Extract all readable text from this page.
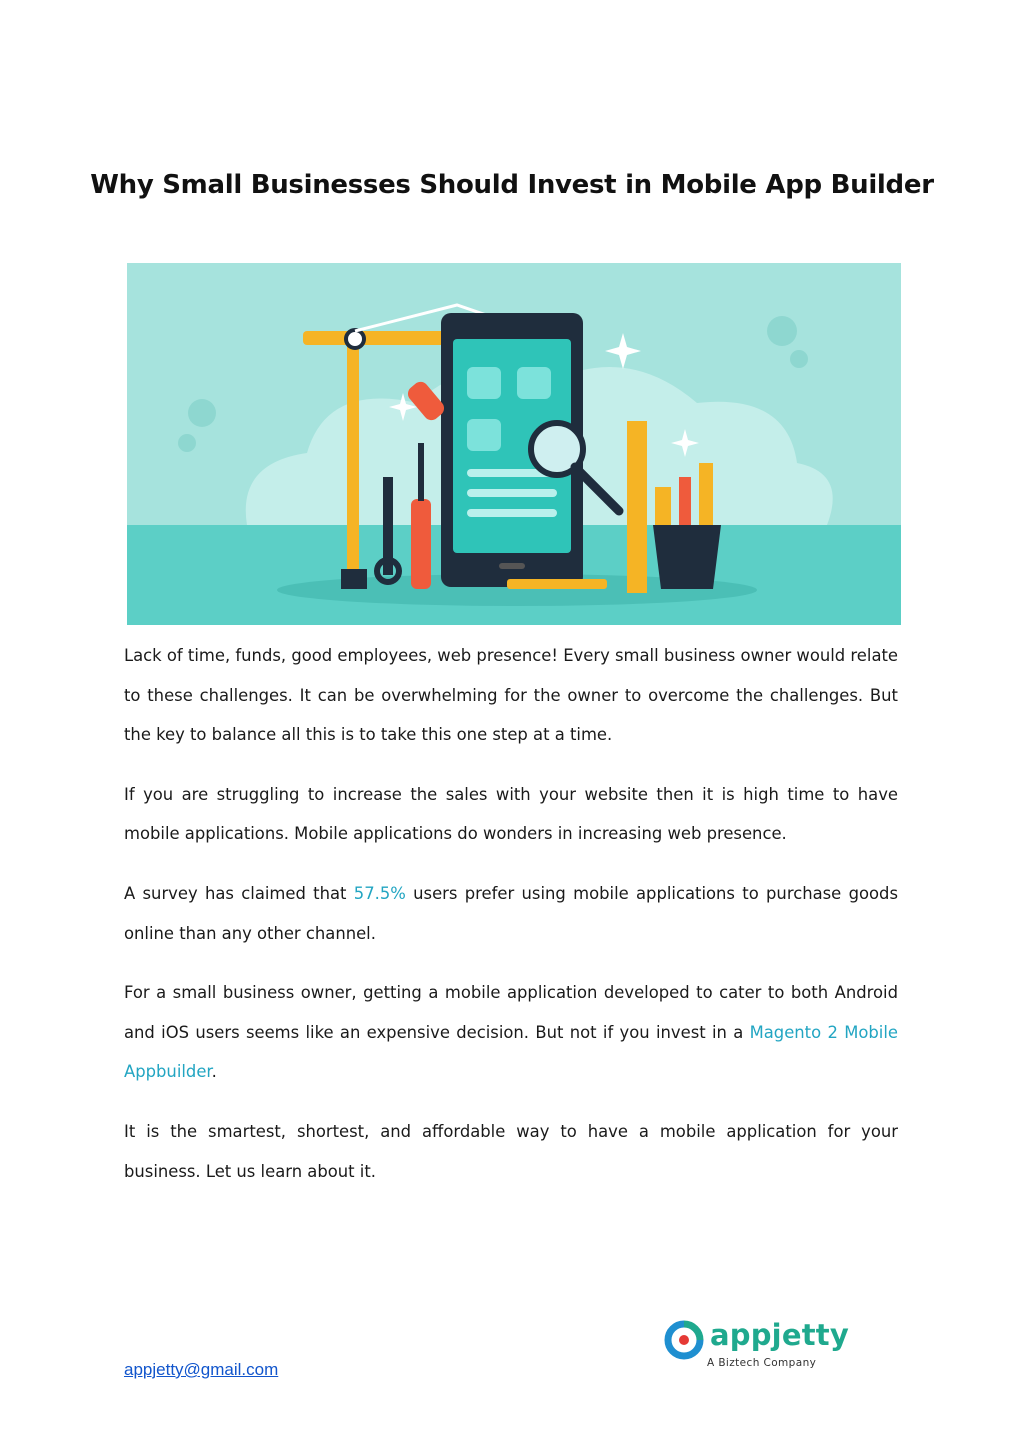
Why Small Businesses Should Invest in Mobile App Builder

Lack of time, funds, good employees, web presence! Every small business owner would relate to these challenges. It can be overwhelming for the owner to overcome the challenges. But the key to balance all this is to take this one step at a time.

If you are struggling to increase the sales with your website then it is high time to have mobile applications. Mobile applications do wonders in increasing web presence.

A survey has claimed that 57.5% users prefer using mobile applications to purchase goods online than any other channel.

For a small business owner, getting a mobile application developed to cater to both Android and iOS users seems like an expensive decision. But not if you invest in a Magento 2 Mobile Appbuilder.

It is the smartest, shortest, and affordable way to have a mobile application for your business. Let us learn about it.

appjetty
A Biztech Company
appjetty@gmail.com
